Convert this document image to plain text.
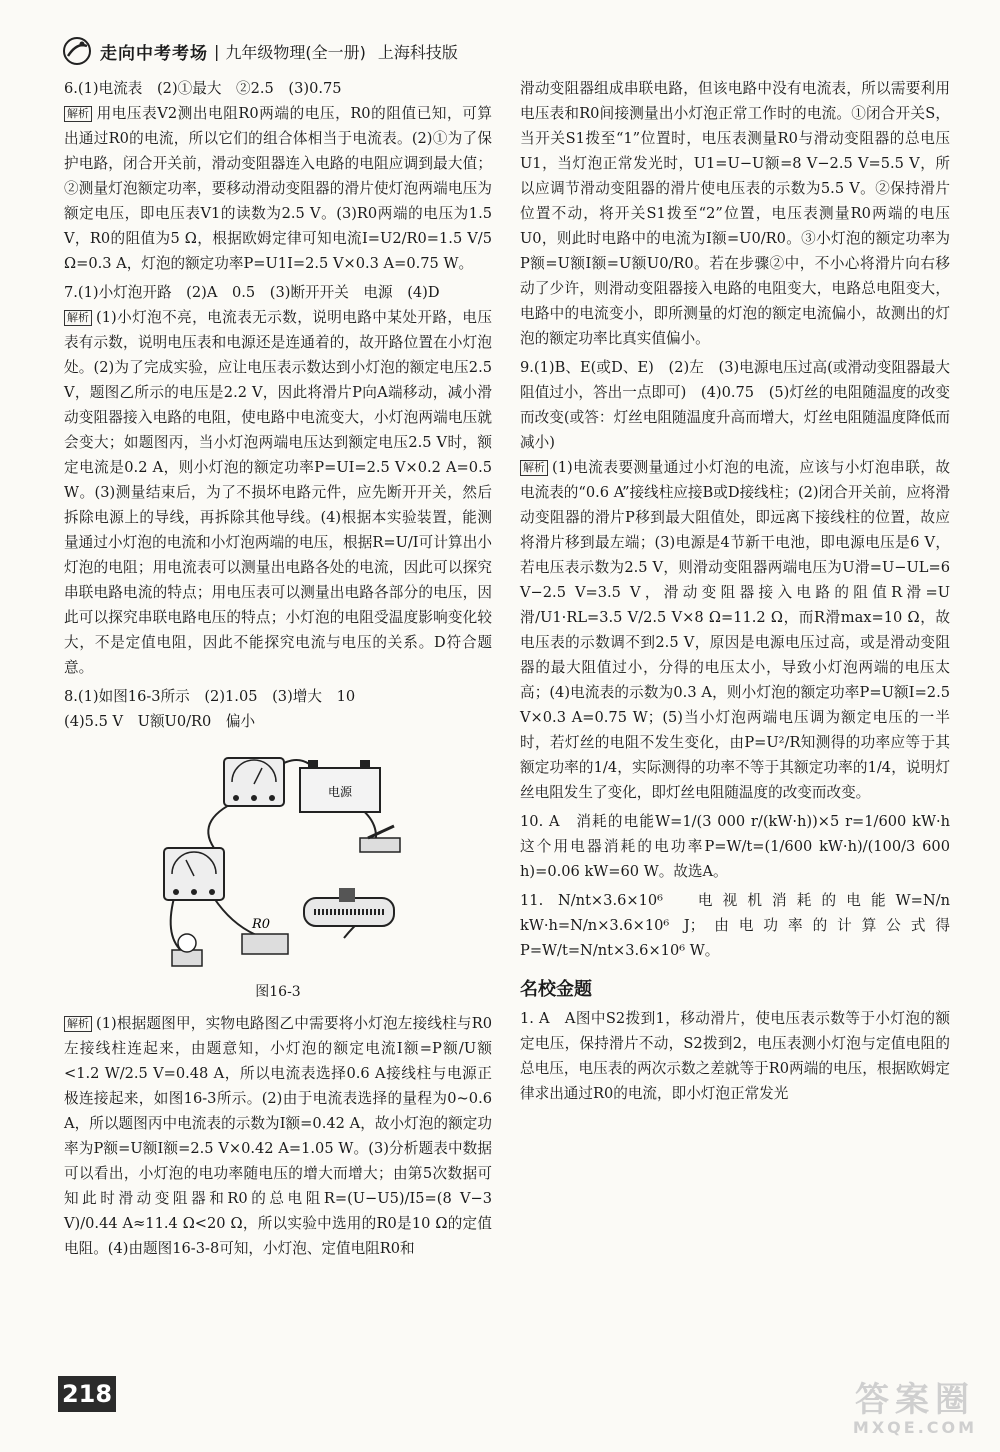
走向中考考场 | 九年级物理(全一册) 上海科技版

6.(1)电流表　(2)①最大　②2.5　(3)0.75

解析 用电压表V2测出电阻R0两端的电压，R0的阻值已知，可算出通过R0的电流，所以它们的组合体相当于电流表。(2)①为了保护电路，闭合开关前，滑动变阻器连入电路的电阻应调到最大值；②测量灯泡额定功率，要移动滑动变阻器的滑片使灯泡两端电压为额定电压，即电压表V1的读数为2.5 V。(3)R0两端的电压为1.5 V，R0的阻值为5 Ω，根据欧姆定律可知电流I=U2/R0=1.5 V/5 Ω=0.3 A，灯泡的额定功率P=U1I=2.5 V×0.3 A=0.75 W。

7.(1)小灯泡开路　(2)A　0.5　(3)断开开关　电源　(4)D

解析 (1)小灯泡不亮，电流表无示数，说明电路中某处开路，电压表有示数，说明电压表和电源还是连通着的，故开路位置在小灯泡处。(2)为了完成实验，应让电压表示数达到小灯泡的额定电压2.5 V，题图乙所示的电压是2.2 V，因此将滑片P向A端移动，减小滑动变阻器接入电路的电阻，使电路中电流变大，小灯泡两端电压就会变大；如题图丙，当小灯泡两端电压达到额定电压2.5 V时，额定电流是0.2 A，则小灯泡的额定功率P=UI=2.5 V×0.2 A=0.5 W。(3)测量结束后，为了不损坏电路元件，应先断开开关，然后拆除电源上的导线，再拆除其他导线。(4)根据本实验装置，能测量通过小灯泡的电流和小灯泡两端的电压，根据R=U/I可计算出小灯泡的电阻；用电流表可以测量出电路各处的电流，因此可以探究串联电路电流的特点；用电压表可以测量出电路各部分的电压，因此可以探究串联电路电压的特点；小灯泡的电阻受温度影响变化较大，不是定值电阻，因此不能探究电流与电压的关系。D符合题意。

8.(1)如图16-3所示　(2)1.05　(3)增大　10

(4)5.5 V　U额U0/R0　偏小

电源
R0
图16-3

解析 (1)根据题图甲，实物电路图乙中需要将小灯泡左接线柱与R0左接线柱连起来，由题意知，小灯泡的额定电流I额=P额/U额<1.2 W/2.5 V=0.48 A，所以电流表选择0.6 A接线柱与电源正极连接起来，如图16-3所示。(2)由于电流表选择的量程为0~0.6 A，所以题图丙中电流表的示数为I额=0.42 A，故小灯泡的额定功率为P额=U额I额=2.5 V×0.42 A=1.05 W。(3)分析题表中数据可以看出，小灯泡的电功率随电压的增大而增大；由第5次数据可知此时滑动变阻器和R0的总电阻R=(U−U5)/I5=(8 V−3 V)/0.44 A≈11.4 Ω<20 Ω，所以实验中选用的R0是10 Ω的定值电阻。(4)由题图16-3-8可知，小灯泡、定值电阻R0和

滑动变阻器组成串联电路，但该电路中没有电流表，所以需要利用电压表和R0间接测量出小灯泡正常工作时的电流。①闭合开关S，当开关S1拨至“1”位置时，电压表测量R0与滑动变阻器的总电压U1，当灯泡正常发光时，U1=U−U额=8 V−2.5 V=5.5 V，所以应调节滑动变阻器的滑片使电压表的示数为5.5 V。②保持滑片位置不动，将开关S1拨至“2”位置，电压表测量R0两端的电压U0，则此时电路中的电流为I额=U0/R0。③小灯泡的额定功率为P额=U额I额=U额U0/R0。若在步骤②中，不小心将滑片向右移动了少许，则滑动变阻器接入电路的电阻变大，电路总电阻变大，电路中的电流变小，即所测量的灯泡的额定电流偏小，故测出的灯泡的额定功率比真实值偏小。

9.(1)B、E(或D、E)　(2)左　(3)电源电压过高(或滑动变阻器最大阻值过小，答出一点即可)　(4)0.75　(5)灯丝的电阻随温度的改变而改变(或答：灯丝电阻随温度升高而增大，灯丝电阻随温度降低而减小)

解析 (1)电流表要测量通过小灯泡的电流，应该与小灯泡串联，故电流表的“0.6 A”接线柱应接B或D接线柱；(2)闭合开关前，应将滑动变阻器的滑片P移到最大阻值处，即远离下接线柱的位置，故应将滑片移到最左端；(3)电源是4节新干电池，即电源电压是6 V，若电压表示数为2.5 V，则滑动变阻器两端电压为U滑=U−UL=6 V−2.5 V=3.5 V，滑动变阻器接入电路的阻值R滑=U滑/U1·RL=3.5 V/2.5 V×8 Ω=11.2 Ω，而R滑max=10 Ω，故电压表的示数调不到2.5 V，原因是电源电压过高，或是滑动变阻器的最大阻值过小，分得的电压太小，导致小灯泡两端的电压太高；(4)电流表的示数为0.3 A，则小灯泡的额定功率P=U额I=2.5 V×0.3 A=0.75 W；(5)当小灯泡两端电压调为额定电压的一半时，若灯丝的电阻不发生变化，由P=U²/R知测得的功率应等于其额定功率的1/4，实际测得的功率不等于其额定功率的1/4，说明灯丝电阻发生了变化，即灯丝电阻随温度的改变而改变。

10. A　消耗的电能W=1/(3 000 r/(kW·h))×5 r=1/600 kW·h　这个用电器消耗的电功率P=W/t=(1/600 kW·h)/(100/3 600 h)=0.06 kW=60 W。故选A。

11. N/nt×3.6×10⁶　电视机消耗的电能W=N/n kW·h=N/n×3.6×10⁶ J；由电功率的计算公式得P=W/t=N/nt×3.6×10⁶ W。

名校金题

1. A　A图中S2拨到1，移动滑片，使电压表示数等于小灯泡的额定电压，保持滑片不动，S2拨到2，电压表测小灯泡与定值电阻的总电压，电压表的两次示数之差就等于R0两端的电压，根据欧姆定律求出通过R0的电流，即小灯泡正常发光

218	答案圈
MXQE.COM
